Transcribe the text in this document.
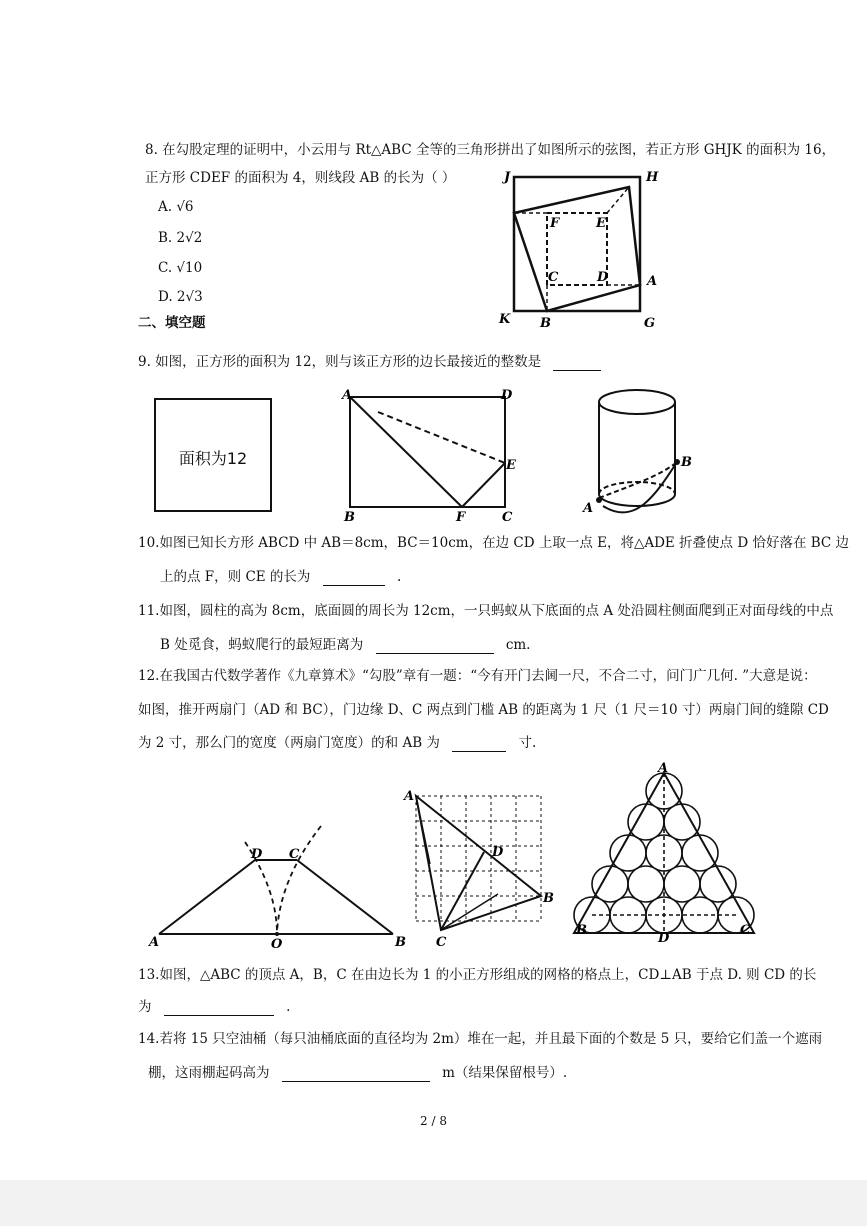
8. 在勾股定理的证明中，小云用与 Rt△ABC 全等的三角形拼出了如图所示的弦图，若正方形 GHJK 的面积为 16，
正方形 CDEF 的面积为 4，则线段 AB 的长为（ ）
A. √6
B. 2√2
C. √10
D. 2√3
J	H
F	E
C	D	A
K B	G
二、填空题
9. 如图，正方形的面积为 12，则与该正方形的边长最接近的整数是
面积为12
A	D
E
B	F	C
A
B
10.如图已知长方形 ABCD 中 AB＝8cm，BC＝10cm，在边 CD 上取一点 E，将△ADE 折叠使点 D 恰好落在 BC 边
上的点 F，则 CE 的长为	.
11.如图，圆柱的高为 8cm，底面圆的周长为 12cm，一只蚂蚁从下底面的点 A 处沿圆柱侧面爬到正对面母线的中点
B 处觅食，蚂蚁爬行的最短距离为	cm.
12.在我国古代数学著作《九章算术》“勾股”章有一题：“今有开门去阃一尺，不合二寸，问门广几何. ”大意是说：
如图，推开两扇门（AD 和 BC），门边缘 D、C 两点到门槛 AB 的距离为 1 尺（1 尺＝10 寸）两扇门间的缝隙 CD
为 2 寸，那么门的宽度（两扇门宽度）的和 AB 为	寸.
A
D C
O	B
A
D
B
C
A
B
D
C
13.如图，△ABC 的顶点 A，B，C 在由边长为 1 的小正方形组成的网格的格点上，CD⊥AB 于点 D. 则 CD 的长
为	.
14.若将 15 只空油桶（每只油桶底面的直径均为 2m）堆在一起，并且最下面的个数是 5 只，要给它们盖一个遮雨
棚，这雨棚起码高为	m（结果保留根号）.
2 / 8
